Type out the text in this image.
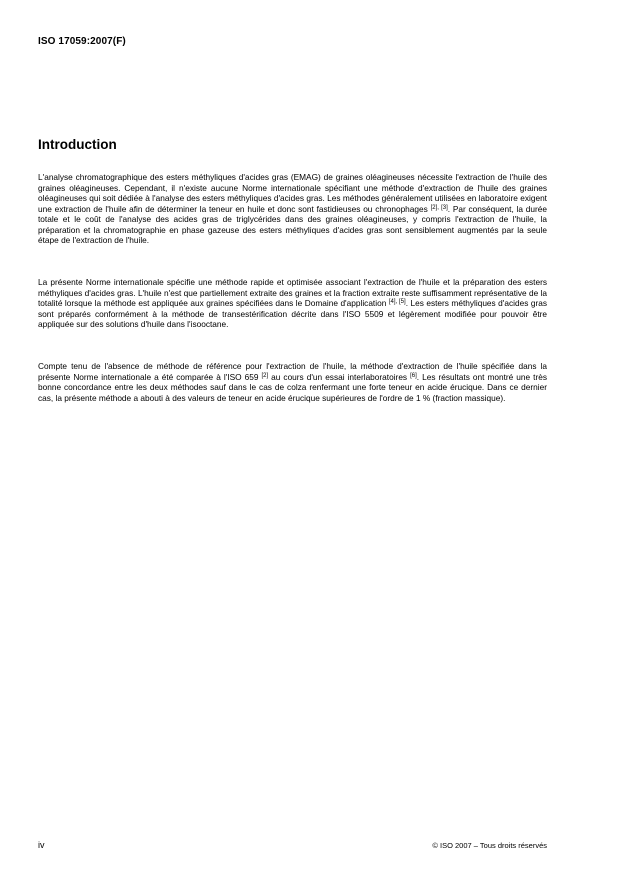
ISO 17059:2007(F)
Introduction

L'analyse chromatographique des esters méthyliques d'acides gras (EMAG) de graines oléagineuses nécessite l'extraction de l'huile des graines oléagineuses. Cependant, il n'existe aucune Norme internationale spécifiant une méthode d'extraction de l'huile des graines oléagineuses qui soit dédiée à l'analyse des esters méthyliques d'acides gras. Les méthodes généralement utilisées en laboratoire exigent une extraction de l'huile afin de déterminer la teneur en huile et donc sont fastidieuses ou chronophages $^{[2],}$ [3]. Par conséquent, la durée totale et le coût de l'analyse des acides gras de triglycérides dans des graines oléagineuses, y compris l'extraction de l'huile, la préparation et la chromatographie en phase gazeuse des esters méthyliques d'acides gras sont sensiblement augmentés par la seule étape de l'extraction de l'huile.

La présente Norme internationale spécifie une méthode rapide et optimisée associant l'extraction de l'huile et la préparation des esters méthyliques d'acides gras. L'huile n'est que partiellement extraite des graines et la fraction extraite reste suffisamment représentative de la totalité lorsque la méthode est appliquée aux graines spécifiées dans le Domaine d'application $^{[4],}$ [5]. Les esters méthyliques d'acides gras sont préparés conformément à la méthode de transestérification décrite dans l'ISO 5509 et légèrement modifiée pour pouvoir être appliquée sur des solutions d'huile dans l'isooctane.

Compte tenu de l'absence de méthode de référence pour l'extraction de l'huile, la méthode d'extraction de l'huile spécifiée dans la présente Norme internationale a été comparée à l'ISO 659 [2] au cours d'un essai interlaboratoires [6]. Les résultats ont montré une très bonne concordance entre les deux méthodes sauf dans le cas de colza renfermant une forte teneur en acide érucique. Dans ce dernier cas, la présente méthode a abouti à des valeurs de teneur en acide érucique supérieures de l'ordre de 1 % (fraction massique).

iv	© ISO 2007 – Tous droits réservés
